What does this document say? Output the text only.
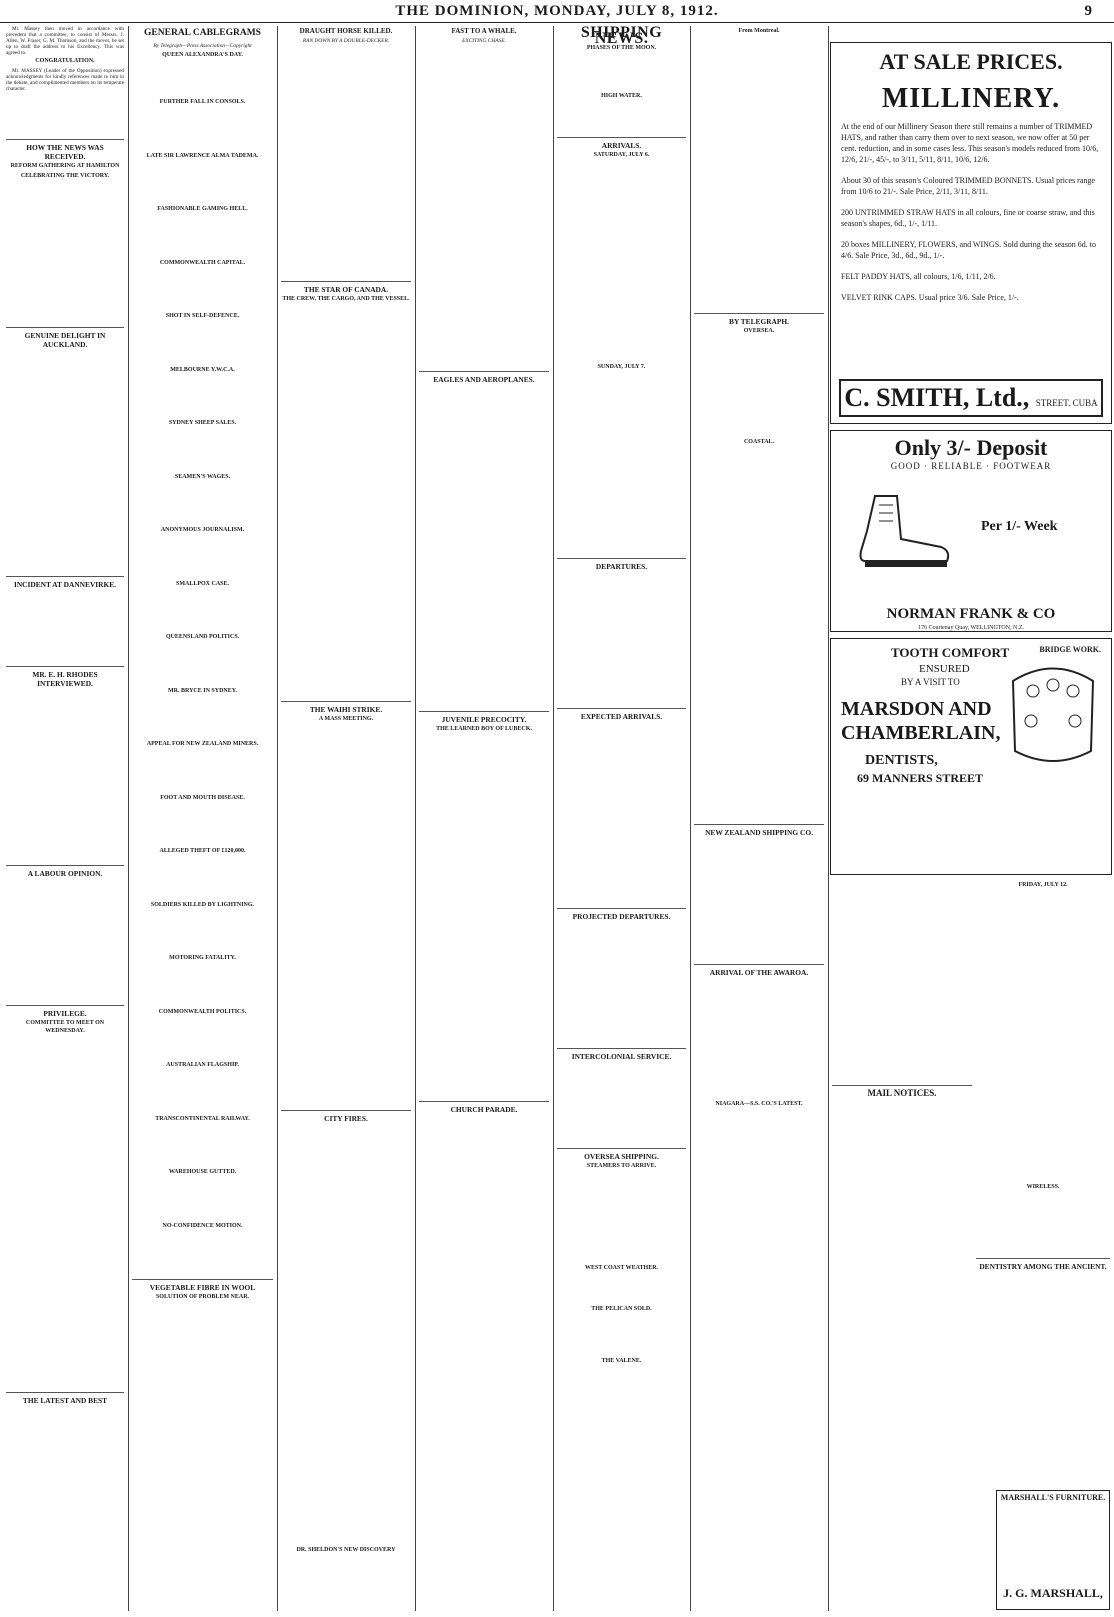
THE DOMINION, MONDAY, JULY 8, 1912.	9

Mr. Massey then moved in accordance with precedent that a committee, to consist of Messrs. J. Allen, W. Fraser, G. M. Thomson, and the mover, be set up to draft the address to his Excellency. This was agreed to.

CONGRATULATION.

Mr. MASSEY (Leader of the Opposition) expressed acknowledgments for kindly references made to him in the debate, and complimented members on its temperate character.

HOW THE NEWS WAS RECEIVED.
REFORM GATHERING AT HAMILTON
CELEBRATING THE VICTORY.
GENUINE DELIGHT IN AUCKLAND.
INCIDENT AT DANNEVIRKE.
MR. E. H. RHODES INTERVIEWED.
A LABOUR OPINION.
PRIVILEGE.
COMMITTEE TO MEET ON WEDNESDAY.
THE LATEST AND BEST
GENERAL CABLEGRAMS
By Telegraph—Press Association—Copyright
QUEEN ALEXANDRA'S DAY.
FURTHER FALL IN CONSOLS.
LATE SIR LAWRENCE ALMA TADEMA.
FASHIONABLE GAMING HELL.
COMMONWEALTH CAPITAL.
SHOT IN SELF-DEFENCE.
MELBOURNE Y.W.C.A.
SYDNEY SHEEP SALES.
SEAMEN'S WAGES.
ANONYMOUS JOURNALISM.
SMALLPOX CASE.
QUEENSLAND POLITICS.
MR. BRYCE IN SYDNEY.
APPEAL FOR NEW ZEALAND MINERS.
FOOT AND MOUTH DISEASE.
ALLEGED THEFT OF £120,000.
SOLDIERS KILLED BY LIGHTNING.
MOTORING FATALITY.
COMMONWEALTH POLITICS.
AUSTRALIAN FLAGSHIP.
TRANSCONTINENTAL RAILWAY.
WAREHOUSE GUTTED.
NO-CONFIDENCE MOTION.
VEGETABLE FIBRE IN WOOL
SOLUTION OF PROBLEM NEAR.
DRAUGHT HORSE KILLED.
RAN DOWN BY A DOUBLE-DECKER.
THE STAR OF CANADA.
THE CREW, THE CARGO, AND THE VESSEL.
THE WAIHI STRIKE.
A MASS MEETING.
CITY FIRES.
DR. SHELDON'S NEW DISCOVERY
FAST TO A WHALE.
EXCITING CHASE.
EAGLES AND AEROPLANES.
JUVENILE PRECOCITY.
THE LEARNED BOY OF LUBECK.
CHURCH PARADE.
SHIPPING NEWS.
PHASES OF THE MOON.
HIGH WATER.
ARRIVALS.
SATURDAY, JULY 6.
SUNDAY, JULY 7.
DEPARTURES.
EXPECTED ARRIVALS.
PROJECTED DEPARTURES.
INTERCOLONIAL SERVICE.
OVERSEA SHIPPING.
STEAMERS TO ARRIVE.
WEST COAST WEATHER.
THE PELICAN SOLD.
THE VALENE.
From Montreal.
BY TELEGRAPH.
OVERSEA.
COASTAL.
NEW ZEALAND SHIPPING CO.
ARRIVAL OF THE AWAROA.
NIAGARA—S.S. CO.'S LATEST.
MAIL NOTICES.
FRIDAY, JULY 12.
WIRELESS.
DENTISTRY AMONG THE ANCIENT.
AT SALE PRICES.
MILLINERY.
At the end of our Millinery Season there still remains a number of TRIMMED HATS, and rather than carry them over to next season, we now offer at 50 per cent. reduction, and in some cases less. This season's models reduced from 10/6, 12/6, 21/-, 45/-, to 3/11, 5/11, 8/11, 10/6, 12/6.
About 30 of this season's Coloured TRIMMED BONNETS. Usual prices range from 10/6 to 21/-. Sale Price, 2/11, 3/11, 8/11.
200 UNTRIMMED STRAW HATS in all colours, fine or coarse straw, and this season's shapes, 6d., 1/-, 1/11.
20 boxes MILLINERY, FLOWERS, and WINGS. Sold during the season 6d. to 4/6. Sale Price, 3d., 6d., 9d., 1/-.
FELT PADDY HATS, all colours, 1/6, 1/11, 2/6.
VELVET RINK CAPS. Usual price 3/6. Sale Price, 1/-.
C. SMITH, Ltd., STREET. CUBA
Only 3/- Deposit
GOOD · RELIABLE · FOOTWEAR
Per 1/- Week
NORMAN FRANK & CO
176 Courtenay Quay, WELLINGTON, N.Z.
TOOTH COMFORT
ENSURED
BY A VISIT TO
MARSDON AND CHAMBERLAIN,
DENTISTS,
69 MANNERS STREET
BRIDGE WORK.
MARSHALL'S FURNITURE.
J. G. MARSHALL,
